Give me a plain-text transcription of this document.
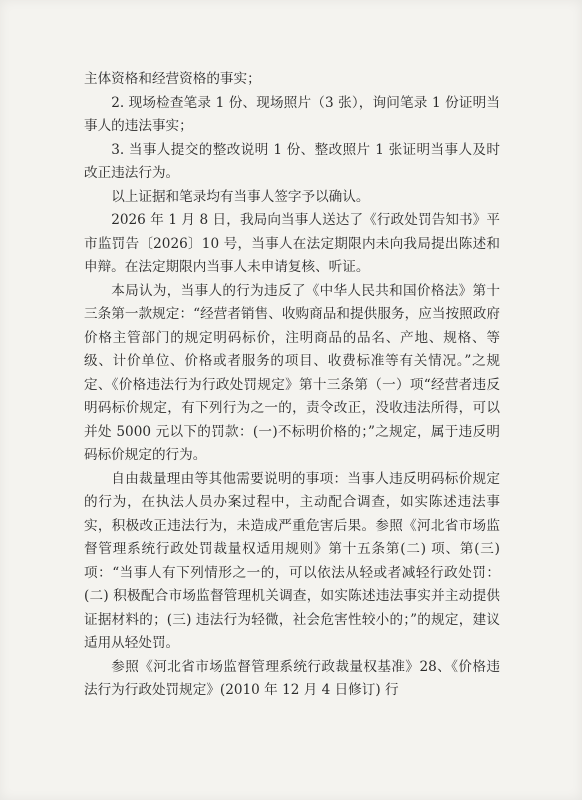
主体资格和经营资格的事实；

2. 现场检查笔录 1 份、现场照片（3 张），询问笔录 1 份证明当事人的违法事实；

3. 当事人提交的整改说明 1 份、整改照片 1 张证明当事人及时改正违法行为。

以上证据和笔录均有当事人签字予以确认。

2026 年 1 月 8 日，我局向当事人送达了《行政处罚告知书》平市监罚告〔2026〕10 号，当事人在法定期限内未向我局提出陈述和申辩。在法定期限内当事人未申请复核、听证。

本局认为，当事人的行为违反了《中华人民共和国价格法》第十三条第一款规定：“经营者销售、收购商品和提供服务，应当按照政府价格主管部门的规定明码标价，注明商品的品名、产地、规格、等级、计价单位、价格或者服务的项目、收费标准等有关情况。”之规定、《价格违法行为行政处罚规定》第十三条第（一）项“经营者违反明码标价规定，有下列行为之一的，责令改正，没收违法所得，可以并处 5000 元以下的罚款：(一)不标明价格的；”之规定，属于违反明码标价规定的行为。

自由裁量理由等其他需要说明的事项：当事人违反明码标价规定的行为，在执法人员办案过程中，主动配合调查，如实陈述违法事实，积极改正违法行为，未造成严重危害后果。参照《河北省市场监督管理系统行政处罚裁量权适用规则》第十五条第(二) 项、第(三) 项：“当事人有下列情形之一的，可以依法从轻或者减轻行政处罚：(二) 积极配合市场监督管理机关调查，如实陈述违法事实并主动提供证据材料的；(三) 违法行为轻微，社会危害性较小的；”的规定，建议适用从轻处罚。

参照《河北省市场监督管理系统行政裁量权基准》28、《价格违法行为行政处罚规定》(2010 年 12 月 4 日修订) 行
